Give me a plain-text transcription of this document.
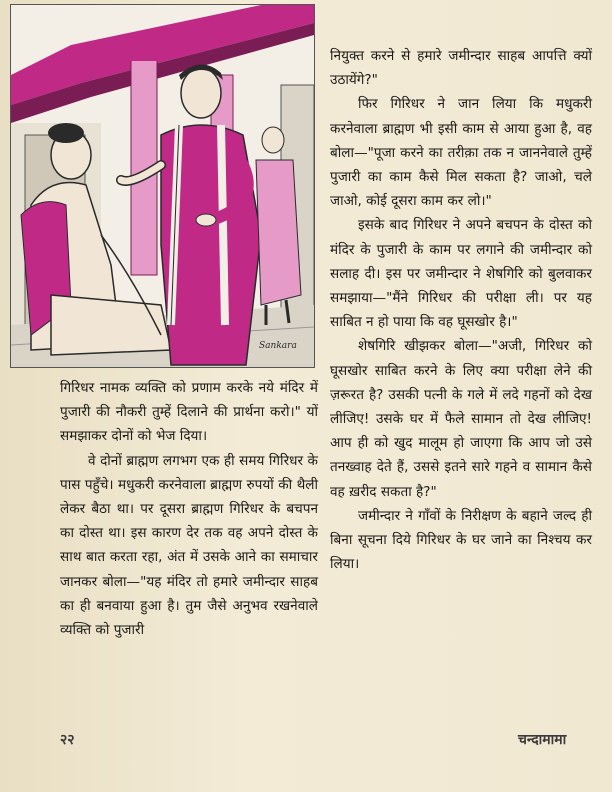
Sankara

नियुक्त करने से हमारे जमीन्दार साहब आपत्ति क्यों उठायेंगे?"

फिर गिरिधर ने जान लिया कि मधुकरी करनेवाला ब्राह्मण भी इसी काम से आया हुआ है, वह बोला—"पूजा करने का तरीक़ा तक न जाननेवाले तुम्हें पुजारी का काम कैसे मिल सकता है? जाओ, चले जाओ, कोई दूसरा काम कर लो।"

इसके बाद गिरिधर ने अपने बचपन के दोस्त को मंदिर के पुजारी के काम पर लगाने की जमीन्दार को सलाह दी। इस पर जमीन्दार ने शेषगिरि को बुलवाकर समझाया—"मैंने गिरिधर की परीक्षा ली। पर यह साबित न हो पाया कि वह घूसखोर है।"

शेषगिरि खीझकर बोला—"अजी, गिरिधर को घूसखोर साबित करने के लिए क्या परीक्षा लेने की ज़रूरत है? उसकी पत्नी के गले में लदे गहनों को देख लीजिए! उसके घर में फैले सामान तो देख लीजिए! आप ही को खुद मालूम हो जाएगा कि आप जो उसे तनख्वाह देते हैं, उससे इतने सारे गहने व सामान कैसे वह ख़रीद सकता है?"

जमीन्दार ने गाँवों के निरीक्षण के बहाने जल्द ही बिना सूचना दिये गिरिधर के घर जाने का निश्चय कर लिया।

गिरिधर नामक व्यक्ति को प्रणाम करके नये मंदिर में पुजारी की नौकरी तुम्हें दिलाने की प्रार्थना करो।" यों समझाकर दोनों को भेज दिया।

वे दोनों ब्राह्मण लगभग एक ही समय गिरिधर के पास पहुँचे। मधुकरी करनेवाला ब्राह्मण रुपयों की थैली लेकर बैठा था। पर दूसरा ब्राह्मण गिरिधर के बचपन का दोस्त था। इस कारण देर तक वह अपने दोस्त के साथ बात करता रहा, अंत में उसके आने का समाचार जानकर बोला—"यह मंदिर तो हमारे जमीन्दार साहब का ही बनवाया हुआ है। तुम जैसे अनुभव रखनेवाले व्यक्ति को पुजारी

२२	चन्दामामा
